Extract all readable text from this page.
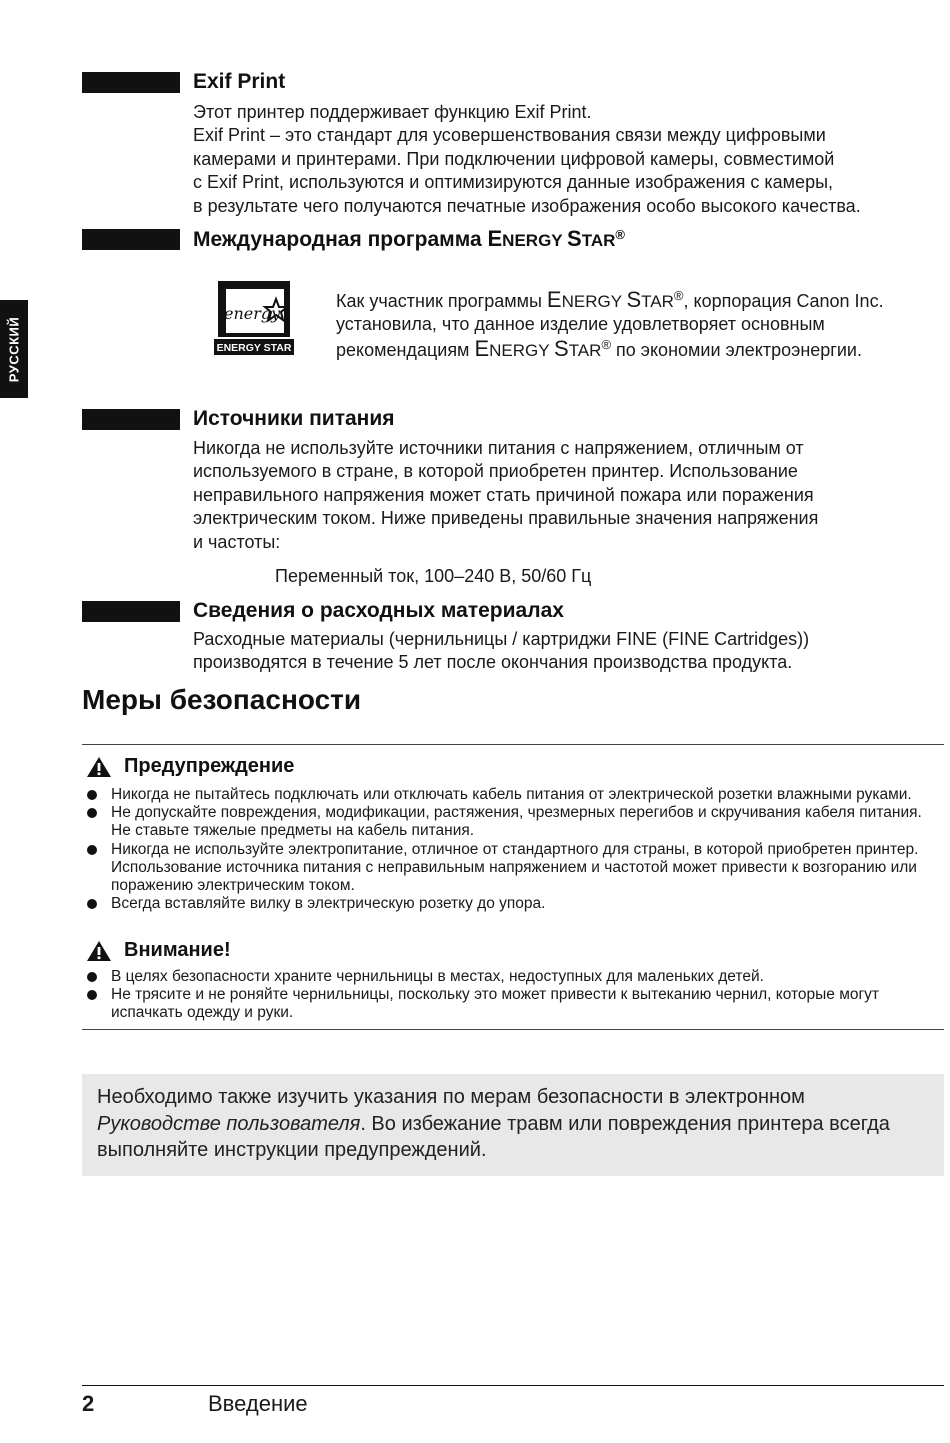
РУССКИЙ
Exif Print
Этот принтер поддерживает функцию Exif Print.
Exif Print – это стандарт для усовершенствования связи между цифровыми
камерами и принтерами. При подключении цифровой камеры, совместимой
с Exif Print, используются и оптимизируются данные изображения с камеры,
в результате чего получаются печатные изображения особо высокого качества.
Международная программа ENERGY STAR®
energy
ENERGY STAR
Как участник программы ENERGY STAR®, корпорация Canon Inc.
установила, что данное изделие удовлетворяет основным
рекомендациям ENERGY STAR® по экономии электроэнергии.
Источники питания
Никогда не используйте источники питания с напряжением, отличным от
используемого в стране, в которой приобретен принтер. Использование
неправильного напряжения может стать причиной пожара или поражения
электрическим током. Ниже приведены правильные значения напряжения
и частоты:
Переменный ток, 100–240 В, 50/60 Гц
Сведения о расходных материалах
Расходные материалы (чернильницы / картриджи FINE (FINE Cartridges))
производятся в течение 5 лет после окончания производства продукта.
Меры безопасности
Предупреждение
Никогда не пытайтесь подключать или отключать кабель питания от электрической розетки влажными руками.
Не допускайте повреждения, модификации, растяжения, чрезмерных перегибов и скручивания кабеля питания. Не ставьте тяжелые предметы на кабель питания.
Никогда не используйте электропитание, отличное от стандартного для страны, в которой приобретен принтер. Использование источника питания с неправильным напряжением и частотой может привести к возгоранию или поражению электрическим током.
Всегда вставляйте вилку в электрическую розетку до упора.
Внимание!
В целях безопасности храните чернильницы в местах, недоступных для маленьких детей.
Не трясите и не роняйте чернильницы, поскольку это может привести к вытеканию чернил, которые могут испачкать одежду и руки.
Необходимо также изучить указания по мерам безопасности в электронном Руководстве пользователя. Во избежание травм или повреждения принтера всегда выполняйте инструкции предупреждений.
2	Введение
